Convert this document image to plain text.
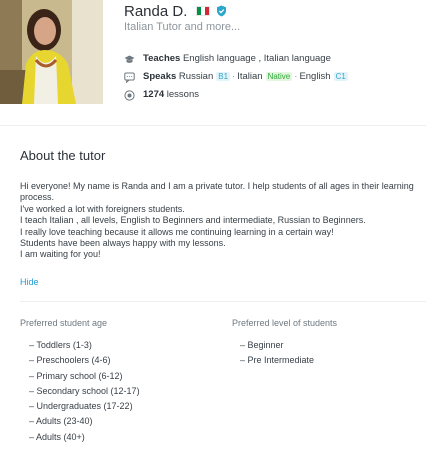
Randa D.
Italian Tutor and more...
Teaches English language , Italian language
Speaks Russian B1 · Italian Native · English C1
1274 lessons
About the tutor
Hi everyone! My name is Randa and I am a private tutor. I help students of all ages in their learning
process.
I've worked a lot with foreigners students.
I teach Italian , all levels, English to Beginners and intermediate, Russian to Beginners.
I really love teaching because it allows me continuing learning in a certain way!
Students have been always happy with my lessons.
I am waiting for you!
Hide
Preferred student age
– Toddlers (1-3)
– Preschoolers (4-6)
– Primary school (6-12)
– Secondary school (12-17)
– Undergraduates (17-22)
– Adults (23-40)
– Adults (40+)
Preferred level of students
– Beginner
– Pre Intermediate
